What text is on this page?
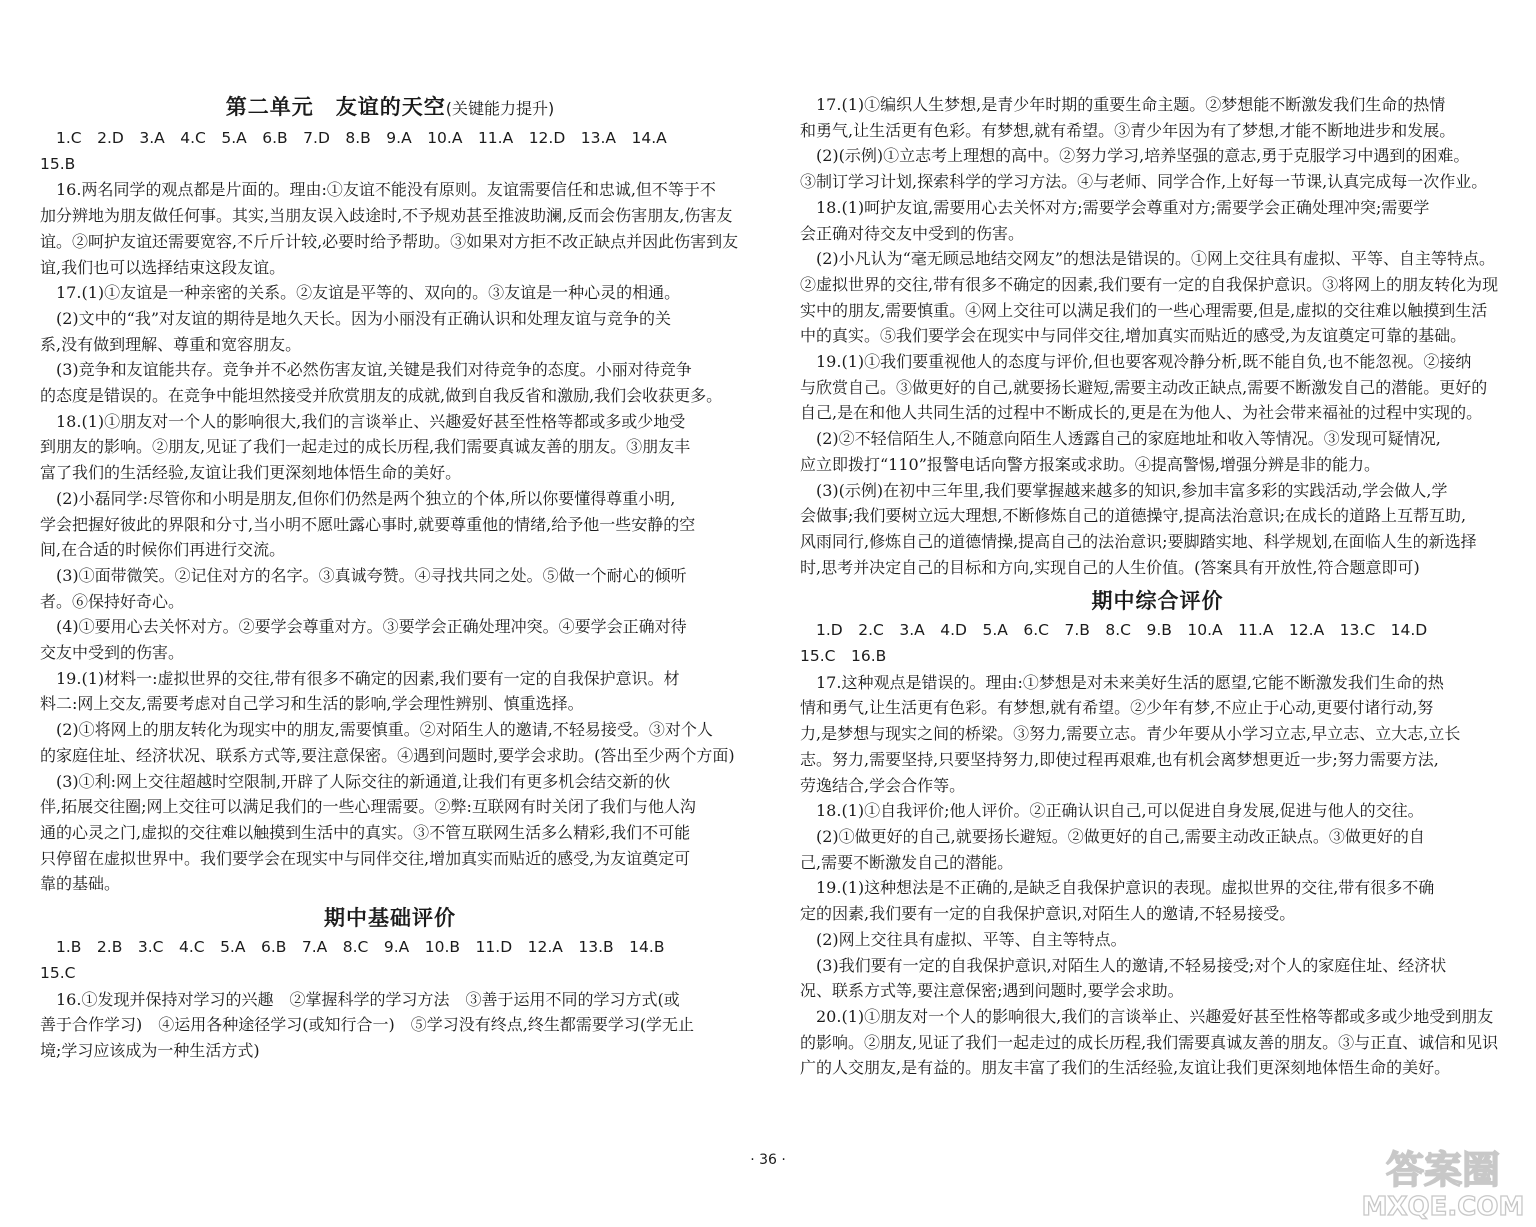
第二单元　友谊的天空(关键能力提升)

1.C　2.D　3.A　4.C　5.A　6.B　7.D　8.B　9.A　10.A　11.A　12.D　13.A　14.A

15.B

16.两名同学的观点都是片面的。理由:①友谊不能没有原则。友谊需要信任和忠诚,但不等于不

加分辨地为朋友做任何事。其实,当朋友误入歧途时,不予规劝甚至推波助澜,反而会伤害朋友,伤害友

谊。②呵护友谊还需要宽容,不斤斤计较,必要时给予帮助。③如果对方拒不改正缺点并因此伤害到友

谊,我们也可以选择结束这段友谊。

17.(1)①友谊是一种亲密的关系。②友谊是平等的、双向的。③友谊是一种心灵的相通。

(2)文中的“我”对友谊的期待是地久天长。因为小丽没有正确认识和处理友谊与竞争的关

系,没有做到理解、尊重和宽容朋友。

(3)竞争和友谊能共存。竞争并不必然伤害友谊,关键是我们对待竞争的态度。小丽对待竞争

的态度是错误的。在竞争中能坦然接受并欣赏朋友的成就,做到自我反省和激励,我们会收获更多。

18.(1)①朋友对一个人的影响很大,我们的言谈举止、兴趣爱好甚至性格等都或多或少地受

到朋友的影响。②朋友,见证了我们一起走过的成长历程,我们需要真诚友善的朋友。③朋友丰

富了我们的生活经验,友谊让我们更深刻地体悟生命的美好。

(2)小磊同学:尽管你和小明是朋友,但你们仍然是两个独立的个体,所以你要懂得尊重小明,

学会把握好彼此的界限和分寸,当小明不愿吐露心事时,就要尊重他的情绪,给予他一些安静的空

间,在合适的时候你们再进行交流。

(3)①面带微笑。②记住对方的名字。③真诚夸赞。④寻找共同之处。⑤做一个耐心的倾听

者。⑥保持好奇心。

(4)①要用心去关怀对方。②要学会尊重对方。③要学会正确处理冲突。④要学会正确对待

交友中受到的伤害。

19.(1)材料一:虚拟世界的交往,带有很多不确定的因素,我们要有一定的自我保护意识。材

料二:网上交友,需要考虑对自己学习和生活的影响,学会理性辨别、慎重选择。

(2)①将网上的朋友转化为现实中的朋友,需要慎重。②对陌生人的邀请,不轻易接受。③对个人

的家庭住址、经济状况、联系方式等,要注意保密。④遇到问题时,要学会求助。(答出至少两个方面)

(3)①利:网上交往超越时空限制,开辟了人际交往的新通道,让我们有更多机会结交新的伙

伴,拓展交往圈;网上交往可以满足我们的一些心理需要。②弊:互联网有时关闭了我们与他人沟

通的心灵之门,虚拟的交往难以触摸到生活中的真实。③不管互联网生活多么精彩,我们不可能

只停留在虚拟世界中。我们要学会在现实中与同伴交往,增加真实而贴近的感受,为友谊奠定可

靠的基础。

期中基础评价

1.B　2.B　3.C　4.C　5.A　6.B　7.A　8.C　9.A　10.B　11.D　12.A　13.B　14.B

15.C

16.①发现并保持对学习的兴趣　②掌握科学的学习方法　③善于运用不同的学习方式(或

善于合作学习)　④运用各种途径学习(或知行合一)　⑤学习没有终点,终生都需要学习(学无止

境;学习应该成为一种生活方式)

17.(1)①编织人生梦想,是青少年时期的重要生命主题。②梦想能不断激发我们生命的热情

和勇气,让生活更有色彩。有梦想,就有希望。③青少年因为有了梦想,才能不断地进步和发展。

(2)(示例)①立志考上理想的高中。②努力学习,培养坚强的意志,勇于克服学习中遇到的困难。

③制订学习计划,探索科学的学习方法。④与老师、同学合作,上好每一节课,认真完成每一次作业。

18.(1)呵护友谊,需要用心去关怀对方;需要学会尊重对方;需要学会正确处理冲突;需要学

会正确对待交友中受到的伤害。

(2)小凡认为“毫无顾忌地结交网友”的想法是错误的。①网上交往具有虚拟、平等、自主等特点。

②虚拟世界的交往,带有很多不确定的因素,我们要有一定的自我保护意识。③将网上的朋友转化为现

实中的朋友,需要慎重。④网上交往可以满足我们的一些心理需要,但是,虚拟的交往难以触摸到生活

中的真实。⑤我们要学会在现实中与同伴交往,增加真实而贴近的感受,为友谊奠定可靠的基础。

19.(1)①我们要重视他人的态度与评价,但也要客观冷静分析,既不能自负,也不能忽视。②接纳

与欣赏自己。③做更好的自己,就要扬长避短,需要主动改正缺点,需要不断激发自己的潜能。更好的

自己,是在和他人共同生活的过程中不断成长的,更是在为他人、为社会带来福祉的过程中实现的。

(2)②不轻信陌生人,不随意向陌生人透露自己的家庭地址和收入等情况。③发现可疑情况,

应立即拨打“110”报警电话向警方报案或求助。④提高警惕,增强分辨是非的能力。

(3)(示例)在初中三年里,我们要掌握越来越多的知识,参加丰富多彩的实践活动,学会做人,学

会做事;我们要树立远大理想,不断修炼自己的道德操守,提高法治意识;在成长的道路上互帮互助,

风雨同行,修炼自己的道德情操,提高自己的法治意识;要脚踏实地、科学规划,在面临人生的新选择

时,思考并决定自己的目标和方向,实现自己的人生价值。(答案具有开放性,符合题意即可)

期中综合评价

1.D　2.C　3.A　4.D　5.A　6.C　7.B　8.C　9.B　10.A　11.A　12.A　13.C　14.D

15.C　16.B

17.这种观点是错误的。理由:①梦想是对未来美好生活的愿望,它能不断激发我们生命的热

情和勇气,让生活更有色彩。有梦想,就有希望。②少年有梦,不应止于心动,更要付诸行动,努

力,是梦想与现实之间的桥梁。③努力,需要立志。青少年要从小学习立志,早立志、立大志,立长

志。努力,需要坚持,只要坚持努力,即使过程再艰难,也有机会离梦想更近一步;努力需要方法,

劳逸结合,学会合作等。

18.(1)①自我评价;他人评价。②正确认识自己,可以促进自身发展,促进与他人的交往。

(2)①做更好的自己,就要扬长避短。②做更好的自己,需要主动改正缺点。③做更好的自

己,需要不断激发自己的潜能。

19.(1)这种想法是不正确的,是缺乏自我保护意识的表现。虚拟世界的交往,带有很多不确

定的因素,我们要有一定的自我保护意识,对陌生人的邀请,不轻易接受。

(2)网上交往具有虚拟、平等、自主等特点。

(3)我们要有一定的自我保护意识,对陌生人的邀请,不轻易接受;对个人的家庭住址、经济状

况、联系方式等,要注意保密;遇到问题时,要学会求助。

20.(1)①朋友对一个人的影响很大,我们的言谈举止、兴趣爱好甚至性格等都或多或少地受到朋友

的影响。②朋友,见证了我们一起走过的成长历程,我们需要真诚友善的朋友。③与正直、诚信和见识

广的人交朋友,是有益的。朋友丰富了我们的生活经验,友谊让我们更深刻地体悟生命的美好。

· 36 ·	答案圈
MXQE.COM
